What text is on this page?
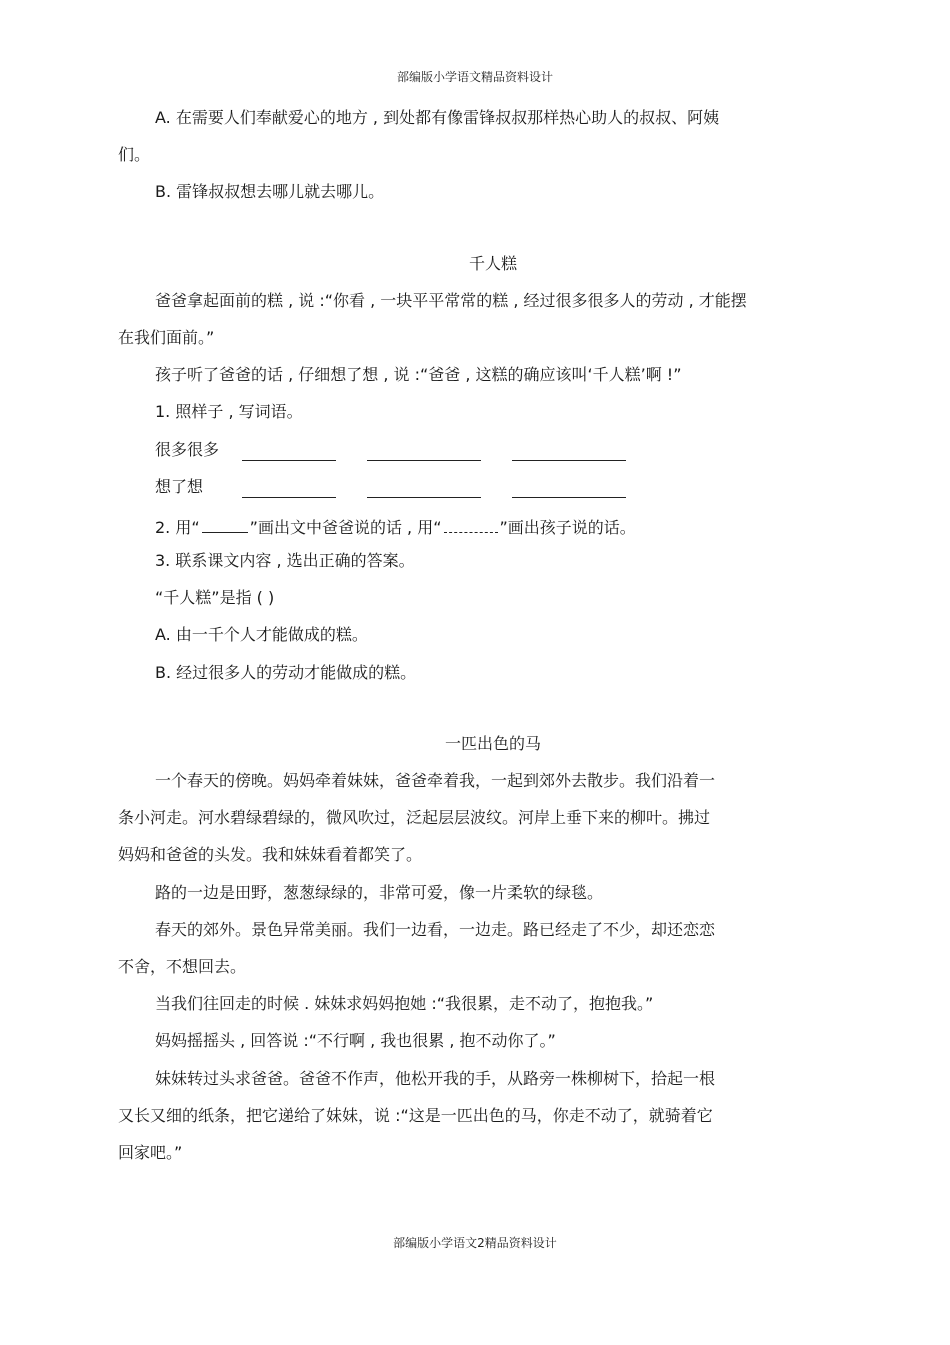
部编版小学语文精品资料设计
A. 在需要人们奉献爱心的地方 , 到处都有像雷锋叔叔那样热心助人的叔叔、阿姨
们。
B. 雷锋叔叔想去哪儿就去哪儿。
千人糕
爸爸拿起面前的糕 , 说 :“你看 , 一块平平常常的糕 , 经过很多很多人的劳动 , 才能摆
在我们面前。”
孩子听了爸爸的话 , 仔细想了想 , 说 :“爸爸 , 这糕的确应该叫‘千人糕’啊 !”
1. 照样子 , 写词语。
很多很多
想了想
2. 用“	”画出文中爸爸说的话 , 用“	”画出孩子说的话。
3. 联系课文内容 , 选出正确的答案。
“千人糕”是指 ( )
A. 由一千个人才能做成的糕。
B. 经过很多人的劳动才能做成的糕。
一匹出色的马
一个春天的傍晚。妈妈牵着妹妹，爸爸牵着我，一起到郊外去散步。我们沿着一
条小河走。河水碧绿碧绿的，微风吹过，泛起层层波纹。河岸上垂下来的柳叶。拂过
妈妈和爸爸的头发。我和妹妹看着都笑了。
路的一边是田野，葱葱绿绿的，非常可爱，像一片柔软的绿毯。
春天的郊外。景色异常美丽。我们一边看，一边走。路已经走了不少，却还恋恋
不舍，不想回去。
当我们往回走的时候 . 妹妹求妈妈抱她 :“我很累，走不动了，抱抱我。”
妈妈摇摇头 , 回答说 :“不行啊 , 我也很累 , 抱不动你了。”
妹妹转过头求爸爸。爸爸不作声，他松开我的手，从路旁一株柳树下，拾起一根
又长又细的纸条，把它递给了妹妹，说 :“这是一匹出色的马，你走不动了，就骑着它
回家吧。”
部编版小学语文2精品资料设计
